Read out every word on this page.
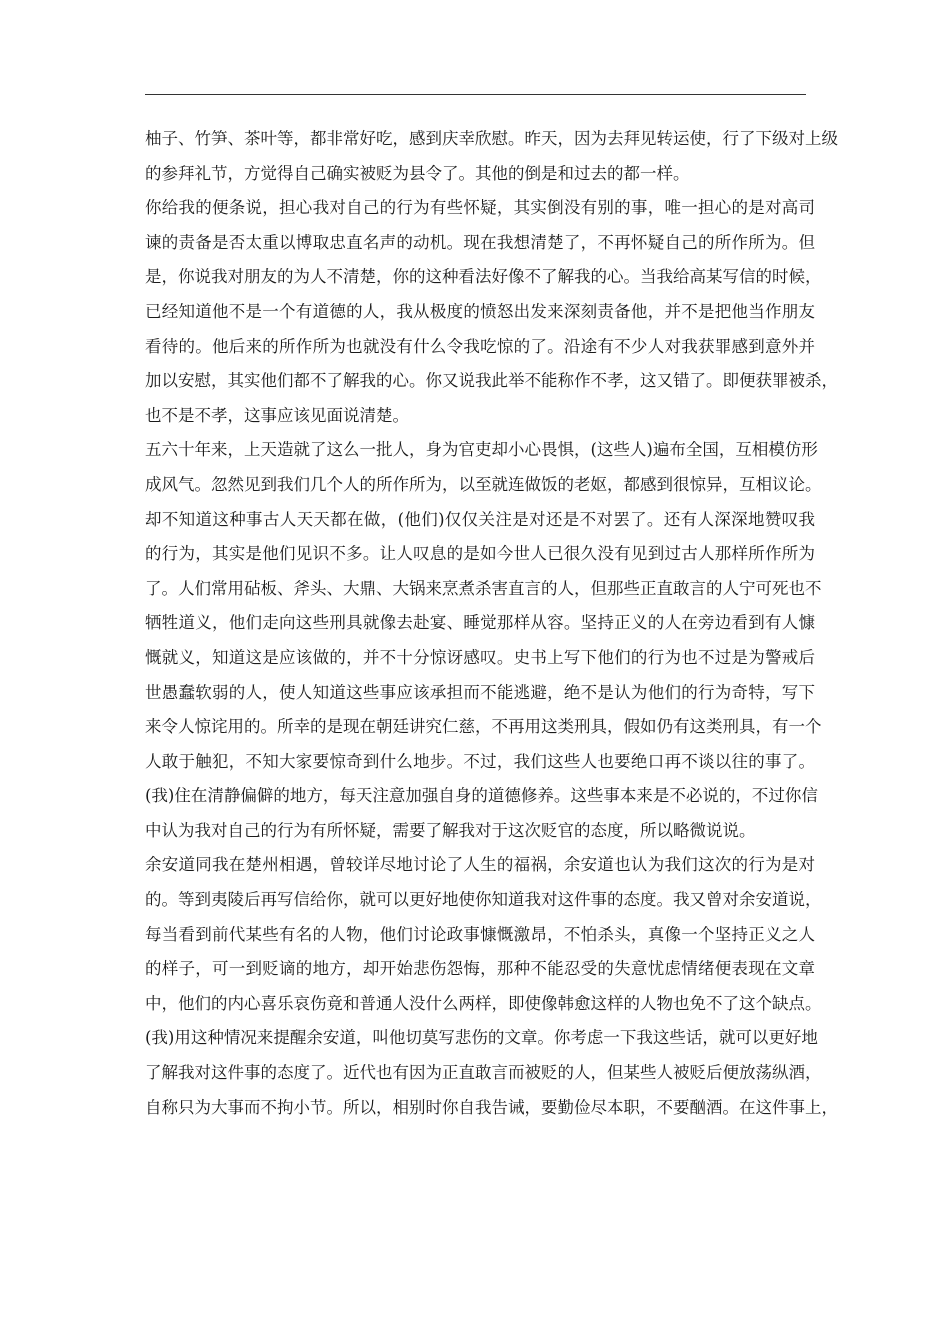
柚子、竹笋、茶叶等，都非常好吃，感到庆幸欣慰。昨天，因为去拜见转运使，行了下级对上级
的参拜礼节，方觉得自己确实被贬为县令了。其他的倒是和过去的都一样。
你给我的便条说，担心我对自己的行为有些怀疑，其实倒没有别的事，唯一担心的是对高司
谏的责备是否太重以博取忠直名声的动机。现在我想清楚了，不再怀疑自己的所作所为。但
是，你说我对朋友的为人不清楚，你的这种看法好像不了解我的心。当我给高某写信的时候，
已经知道他不是一个有道德的人，我从极度的愤怒出发来深刻责备他，并不是把他当作朋友
看待的。他后来的所作所为也就没有什么令我吃惊的了。沿途有不少人对我获罪感到意外并
加以安慰，其实他们都不了解我的心。你又说我此举不能称作不孝，这又错了。即便获罪被杀，
也不是不孝，这事应该见面说清楚。
五六十年来，上天造就了这么一批人，身为官吏却小心畏惧，(这些人)遍布全国，互相模仿形
成风气。忽然见到我们几个人的所作所为，以至就连做饭的老妪，都感到很惊异，互相议论。
却不知道这种事古人天天都在做，(他们)仅仅关注是对还是不对罢了。还有人深深地赞叹我
的行为，其实是他们见识不多。让人叹息的是如今世人已很久没有见到过古人那样所作所为
了。人们常用砧板、斧头、大鼎、大锅来烹煮杀害直言的人，但那些正直敢言的人宁可死也不
牺牲道义，他们走向这些刑具就像去赴宴、睡觉那样从容。坚持正义的人在旁边看到有人慷
慨就义，知道这是应该做的，并不十分惊讶感叹。史书上写下他们的行为也不过是为警戒后
世愚蠢软弱的人，使人知道这些事应该承担而不能逃避，绝不是认为他们的行为奇特，写下
来令人惊诧用的。所幸的是现在朝廷讲究仁慈，不再用这类刑具，假如仍有这类刑具，有一个
人敢于触犯，不知大家要惊奇到什么地步。不过，我们这些人也要绝口再不谈以往的事了。
(我)住在清静偏僻的地方，每天注意加强自身的道德修养。这些事本来是不必说的，不过你信
中认为我对自己的行为有所怀疑，需要了解我对于这次贬官的态度，所以略微说说。
余安道同我在楚州相遇，曾较详尽地讨论了人生的福祸，余安道也认为我们这次的行为是对
的。等到夷陵后再写信给你，就可以更好地使你知道我对这件事的态度。我又曾对余安道说，
每当看到前代某些有名的人物，他们讨论政事慷慨激昂，不怕杀头，真像一个坚持正义之人
的样子，可一到贬谪的地方，却开始悲伤怨悔，那种不能忍受的失意忧虑情绪便表现在文章
中，他们的内心喜乐哀伤竟和普通人没什么两样，即使像韩愈这样的人物也免不了这个缺点。
(我)用这种情况来提醒余安道，叫他切莫写悲伤的文章。你考虑一下我这些话，就可以更好地
了解我对这件事的态度了。近代也有因为正直敢言而被贬的人，但某些人被贬后便放荡纵酒，
自称只为大事而不拘小节。所以，相别时你自我告诫，要勤俭尽本职，不要酗酒。在这件事上，
